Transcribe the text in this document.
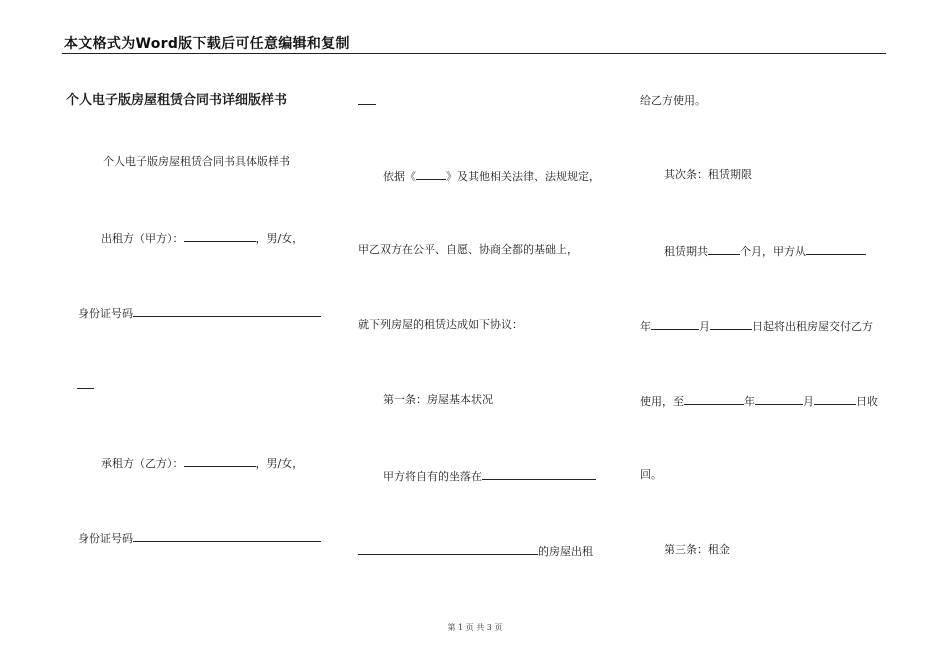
本文格式为Word版下载后可任意编辑和复制
个人电子版房屋租赁合同书详细版样书
个人电子版房屋租赁合同书具体版样书
出租方（甲方）：	，男/女，
身份证号码
承租方（乙方）：	，男/女，
身份证号码
依据《	》及其他相关法律、法规规定，
甲乙双方在公平、自愿、协商全都的基础上，
就下列房屋的租赁达成如下协议：
第一条：房屋基本状况
甲方将自有的坐落在
的房屋出租
给乙方使用。
其次条：租赁期限
租赁期共	个月，甲方从
年	月	日起将出租房屋交付乙方
使用，至	年	月	日收
回。
第三条：租金
第 1 页 共 3 页
